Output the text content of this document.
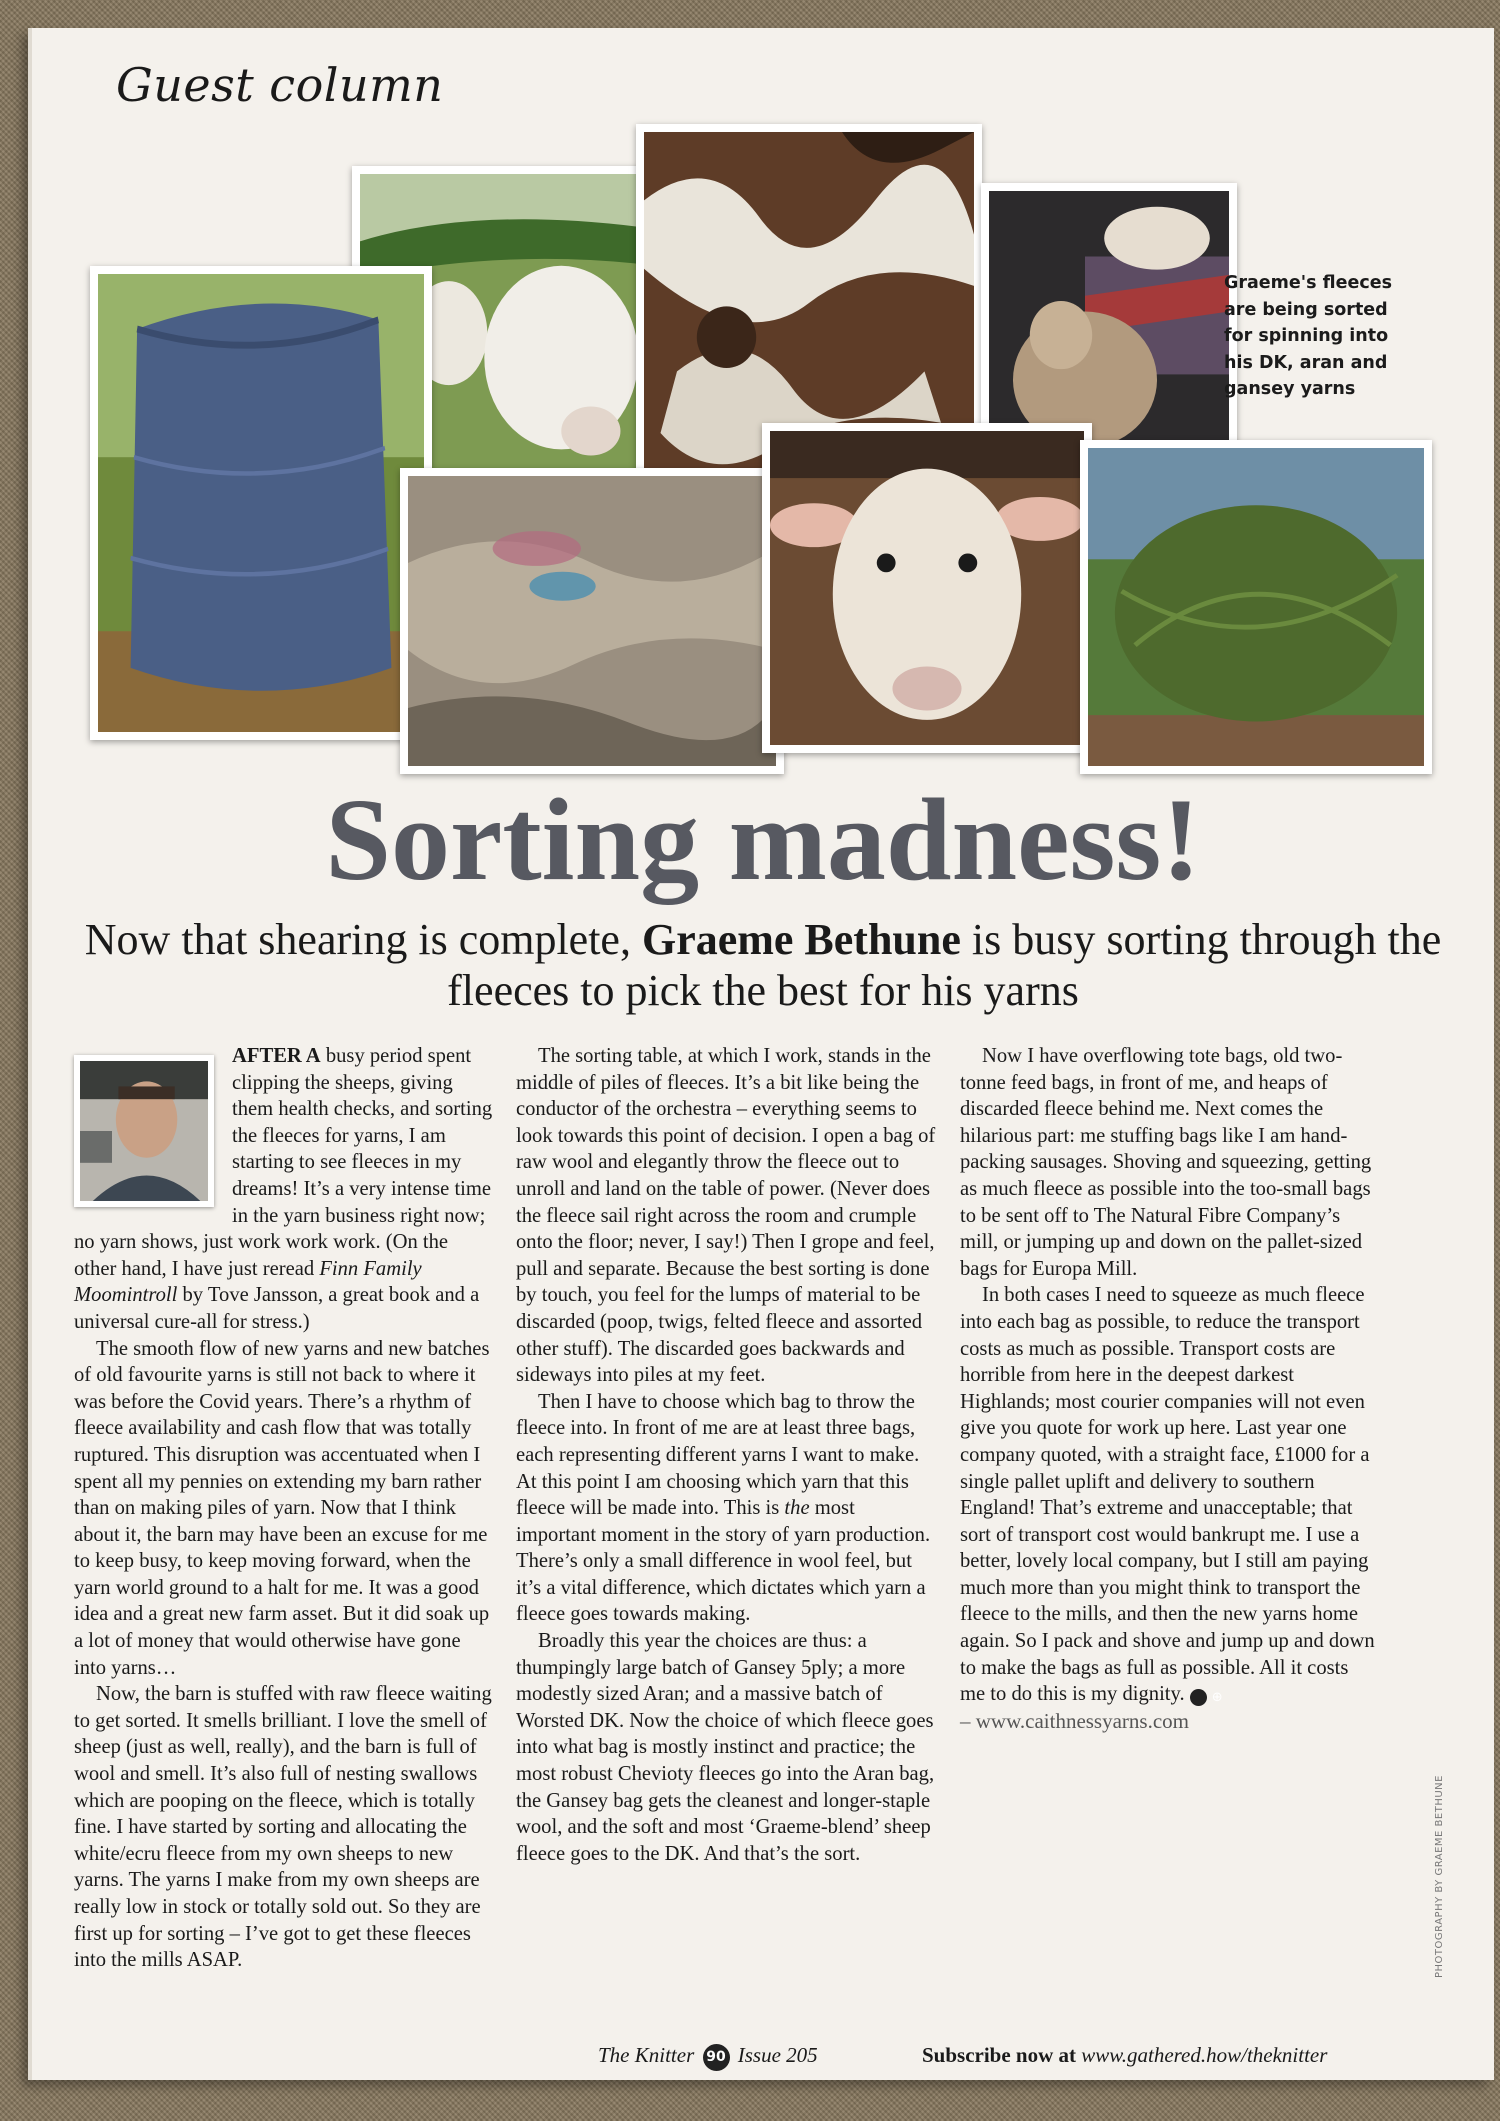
Guest column
Graeme's fleeces are being sorted for spinning into his DK, aran and gansey yarns
Sorting madness!
Now that shearing is complete, Graeme Bethune is busy sorting through the fleeces to pick the best for his yarns

AFTER A busy period spent clipping the sheeps, giving them health checks, and sorting the fleeces for yarns, I am starting to see fleeces in my dreams! It’s a very intense time in the yarn business right now; no yarn shows, just work work work. (On the other hand, I have just reread Finn Family Moomintroll by Tove Jansson, a great book and a universal cure-all for stress.)

The smooth flow of new yarns and new batches of old favourite yarns is still not back to where it was before the Covid years. There’s a rhythm of fleece availability and cash flow that was totally ruptured. This disruption was accentuated when I spent all my pennies on extending my barn rather than on making piles of yarn. Now that I think about it, the barn may have been an excuse for me to keep busy, to keep moving forward, when the yarn world ground to a halt for me. It was a good idea and a great new farm asset. But it did soak up a lot of money that would otherwise have gone into yarns…

Now, the barn is stuffed with raw fleece waiting to get sorted. It smells brilliant. I love the smell of sheep (just as well, really), and the barn is full of wool and smell. It’s also full of nesting swallows which are pooping on the fleece, which is totally fine. I have started by sorting and allocating the white/ecru fleece from my own sheeps to new yarns. The yarns I make from my own sheeps are really low in stock or totally sold out. So they are first up for sorting – I’ve got to get these fleeces into the mills ASAP.

The sorting table, at which I work, stands in the middle of piles of fleeces. It’s a bit like being the conductor of the orchestra – everything seems to look towards this point of decision. I open a bag of raw wool and elegantly throw the fleece out to unroll and land on the table of power. (Never does the fleece sail right across the room and crumple onto the floor; never, I say!) Then I grope and feel, pull and separate. Because the best sorting is done by touch, you feel for the lumps of material to be discarded (poop, twigs, felted fleece and assorted other stuff). The discarded goes backwards and sideways into piles at my feet.

Then I have to choose which bag to throw the fleece into. In front of me are at least three bags, each representing different yarns I want to make. At this point I am choosing which yarn that this fleece will be made into. This is the most important moment in the story of yarn production. There’s only a small difference in wool feel, but it’s a vital difference, which dictates which yarn a fleece goes towards making.

Broadly this year the choices are thus: a thumpingly large batch of Gansey 5ply; a more modestly sized Aran; and a massive batch of Worsted DK. Now the choice of which fleece goes into what bag is mostly instinct and practice; the most robust Chevioty fleeces go into the Aran bag, the Gansey bag gets the cleanest and longer-staple wool, and the soft and most ‘Graeme-blend’ sheep fleece goes to the DK. And that’s the sort.

Now I have overflowing tote bags, old two-tonne feed bags, in front of me, and heaps of discarded fleece behind me. Next comes the hilarious part: me stuffing bags like I am hand-packing sausages. Shoving and squeezing, getting as much fleece as possible into the too-small bags to be sent off to The Natural Fibre Company’s mill, or jumping up and down on the pallet-sized bags for Europa Mill.

In both cases I need to squeeze as much fleece into each bag as possible, to reduce the transport costs as much as possible. Transport costs are horrible from here in the deepest darkest Highlands; most courier companies will not even give you quote for work up here. Last year one company quoted, with a straight face, £1000 for a single pallet uplift and delivery to southern England! That’s extreme and unacceptable; that sort of transport cost would bankrupt me. I use a better, lovely local company, but I still am paying much more than you might think to transport the fleece to the mills, and then the new yarns home again. So I pack and shove and jump up and down to make the bags as full as possible. All it costs me to do this is my dignity. ⊕

– www.caithnessyarns.com

PHOTOGRAPHY BY GRAEME BETHUNE
The Knitter 90 Issue 205	Subscribe now at www.gathered.how/theknitter
